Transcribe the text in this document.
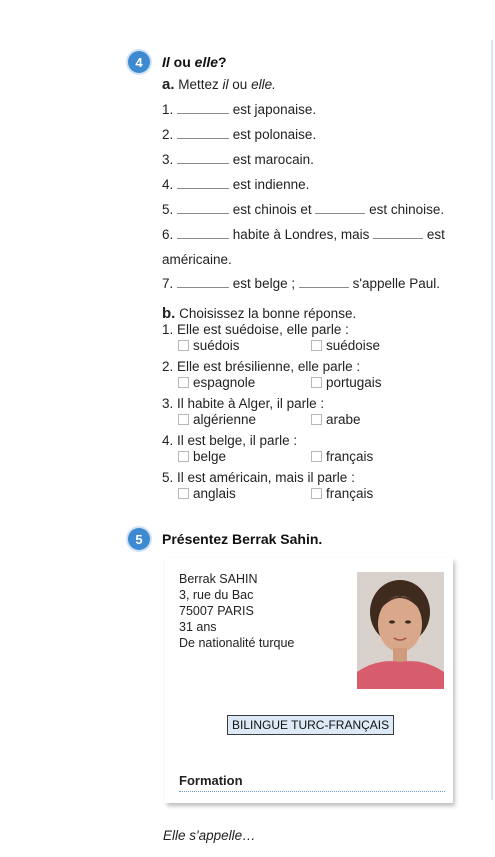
4	Il ou elle?
a. Mettez il ou elle.
1.	est japonaise.
2.	est polonaise.
3.	est marocain.
4.	est indienne.
5.	est chinois et	est chinoise.
6.	habite à Londres, mais	est
américaine.
7.	est belge ;	s'appelle Paul.
b. Choisissez la bonne réponse.
1. Elle est suédoise, elle parle :
suédois	suédoise
2. Elle est brésilienne, elle parle :
espagnole	portugais
3. Il habite à Alger, il parle :
algérienne	arabe
4. Il est belge, il parle :
belge	français
5. Il est américain, mais il parle :
anglais	français
5	Présentez Berrak Sahin.
Berrak SAHIN
3, rue du Bac
75007 PARIS
31 ans
De nationalité turque
BILINGUE TURC-FRANÇAIS
Formation
Elle s'appelle…
